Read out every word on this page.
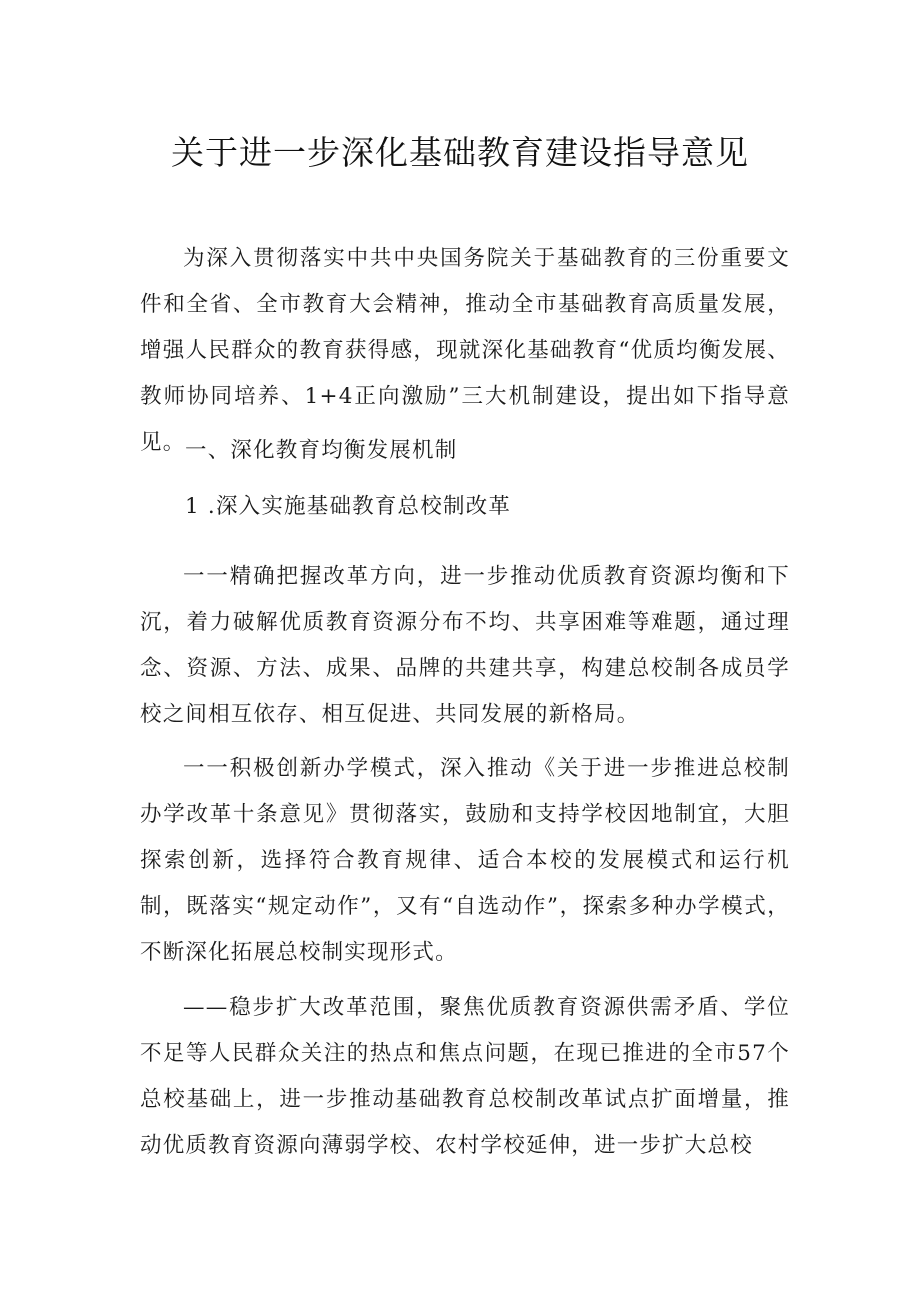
关于进一步深化基础教育建设指导意见

为深入贯彻落实中共中央国务院关于基础教育的三份重要文件和全省、全市教育大会精神，推动全市基础教育高质量发展，增强人民群众的教育获得感，现就深化基础教育“优质均衡发展、教师协同培养、1+4正向激励”三大机制建设，提出如下指导意见。 一、深化教育均衡发展机制

1 .深入实施基础教育总校制改革

一一精确把握改革方向，进一步推动优质教育资源均衡和下沉，着力破解优质教育资源分布不均、共享困难等难题，通过理念、资源、方法、成果、品牌的共建共享，构建总校制各成员学校之间相互依存、相互促进、共同发展的新格局。

一一积极创新办学模式，深入推动《关于进一步推进总校制办学改革十条意见》贯彻落实，鼓励和支持学校因地制宜，大胆探索创新，选择符合教育规律、适合本校的发展模式和运行机制，既落实“规定动作”，又有“自选动作”，探索多种办学模式，不断深化拓展总校制实现形式。

——稳步扩大改革范围，聚焦优质教育资源供需矛盾、学位不足等人民群众关注的热点和焦点问题，在现已推进的全市57个总校基础上，进一步推动基础教育总校制改革试点扩面增量，推动优质教育资源向薄弱学校、农村学校延伸，进一步扩大总校
